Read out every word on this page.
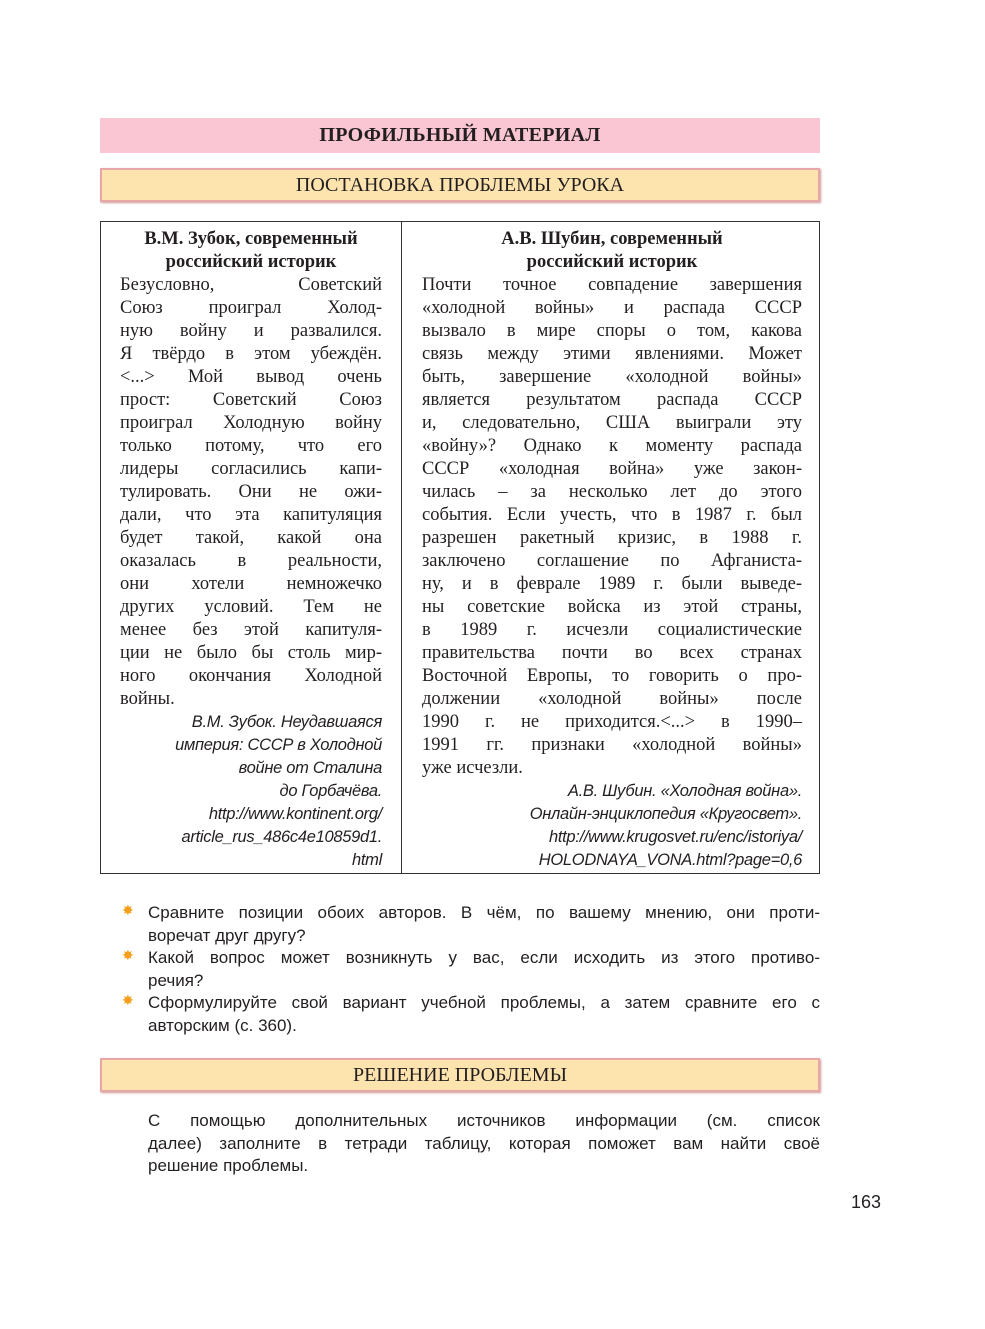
ПРОФИЛЬНЫЙ МАТЕРИАЛ
ПОСТАНОВКА ПРОБЛЕМЫ УРОКА
В.М. Зубок, современный
российский историк
Безусловно, Советский
Союз проиграл Холод-
ную войну и развалился.
Я твёрдо в этом убеждён.
<...> Мой вывод очень
прост: Советский Союз
проиграл Холодную войну
только потому, что его
лидеры согласились капи-
тулировать. Они не ожи-
дали, что эта капитуляция
будет такой, какой она
оказалась в реальности,
они хотели немножечко
других условий. Тем не
менее без этой капитуля-
ции не было бы столь мир-
ного окончания Холодной
войны.
В.М. Зубок. Неудавшаяся
империя: СССР в Холодной
войне от Сталина
до Горбачёва.
http://www.kontinent.org/
article_rus_486c4e10859d1.
html
А.В. Шубин, современный
российский историк
Почти точное совпадение завершения
«холодной войны» и распада СССР
вызвало в мире споры о том, какова
связь между этими явлениями. Может
быть, завершение «холодной войны»
является результатом распада СССР
и, следовательно, США выиграли эту
«войну»? Однако к моменту распада
СССР «холодная война» уже закон-
чилась – за несколько лет до этого
события. Если учесть, что в 1987 г. был
разрешен ракетный кризис, в 1988 г.
заключено соглашение по Афганиста-
ну, и в феврале 1989 г. были выведе-
ны советские войска из этой страны,
в 1989 г. исчезли социалистические
правительства почти во всех странах
Восточной Европы, то говорить о про-
должении «холодной войны» после
1990 г. не приходится.<...> в 1990–
1991 гг. признаки «холодной войны»
уже исчезли.
А.В. Шубин. «Холодная война».
Онлайн-энциклопедия «Кругосвет».
http://www.krugosvet.ru/enc/istoriya/
HOLODNAYA_VONA.html?page=0,6
✸ Сравните позиции обоих авторов. В чём, по вашему мнению, они проти-
воречат друг другу?
✸ Какой вопрос может возникнуть у вас, если исходить из этого противо-
речия?
✸ Сформулируйте свой вариант учебной проблемы, а затем сравните его с
авторским (с. 360).
РЕШЕНИЕ ПРОБЛЕМЫ
С помощью дополнительных источников информации (см. список
далее) заполните в тетради таблицу, которая поможет вам найти своё
решение проблемы.
163
